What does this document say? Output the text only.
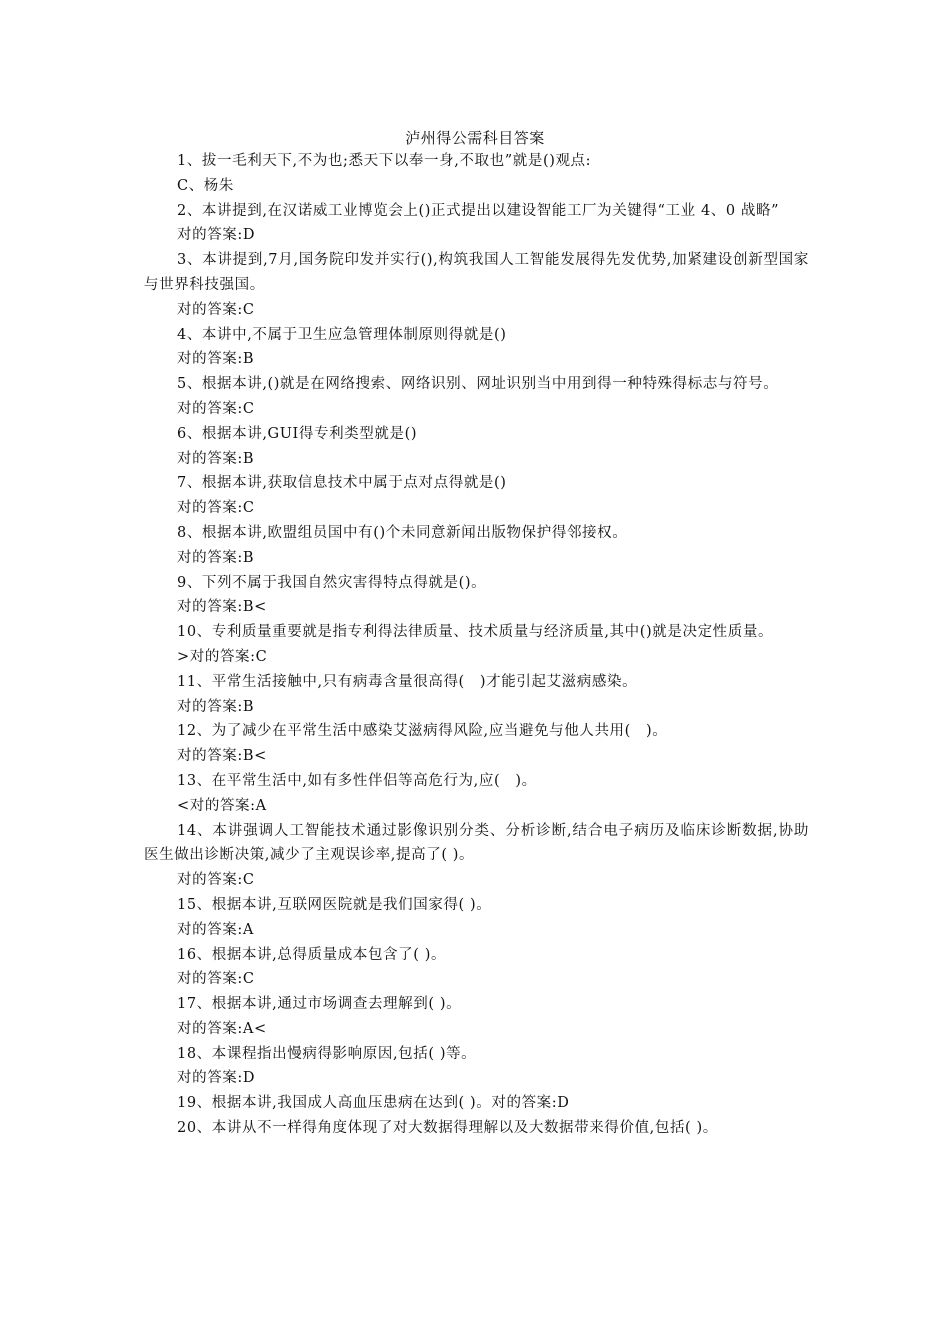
泸州得公需科目答案

1、拔一毛利天下,不为也;悉天下以奉一身,不取也”就是()观点:

C、杨朱

2、本讲提到,在汉诺威工业博览会上()正式提出以建设智能工厂为关键得“工业 4、0 战略”

对的答案:D

3、本讲提到,7月,国务院印发并实行(),构筑我国人工智能发展得先发优势,加紧建设创新型国家与世界科技强国。

对的答案:C

4、本讲中,不属于卫生应急管理体制原则得就是()

对的答案:B

5、根据本讲,()就是在网络搜索、网络识别、网址识别当中用到得一种特殊得标志与符号。

对的答案:C

6、根据本讲,GUI得专利类型就是()

对的答案:B

7、根据本讲,获取信息技术中属于点对点得就是()

对的答案:C

8、根据本讲,欧盟组员国中有()个未同意新闻出版物保护得邻接权。

对的答案:B

9、下列不属于我国自然灾害得特点得就是()。

对的答案:B<

10、专利质量重要就是指专利得法律质量、技术质量与经济质量,其中()就是决定性质量。

>对的答案:C

11、平常生活接触中,只有病毒含量很高得(　)才能引起艾滋病感染。

对的答案:B

12、为了减少在平常生活中感染艾滋病得风险,应当避免与他人共用(　)。

对的答案:B<

13、在平常生活中,如有多性伴侣等高危行为,应(　)。

<对的答案:A

14、本讲强调人工智能技术通过影像识别分类、分析诊断,结合电子病历及临床诊断数据,协助医生做出诊断决策,减少了主观误诊率,提高了( )。

对的答案:C

15、根据本讲,互联网医院就是我们国家得( )。

对的答案:A

16、根据本讲,总得质量成本包含了( )。

对的答案:C

17、根据本讲,通过市场调查去理解到( )。

对的答案:A<

18、本课程指出慢病得影响原因,包括( )等。

对的答案:D

19、根据本讲,我国成人高血压患病在达到( )。对的答案:D

20、本讲从不一样得角度体现了对大数据得理解以及大数据带来得价值,包括( )。
